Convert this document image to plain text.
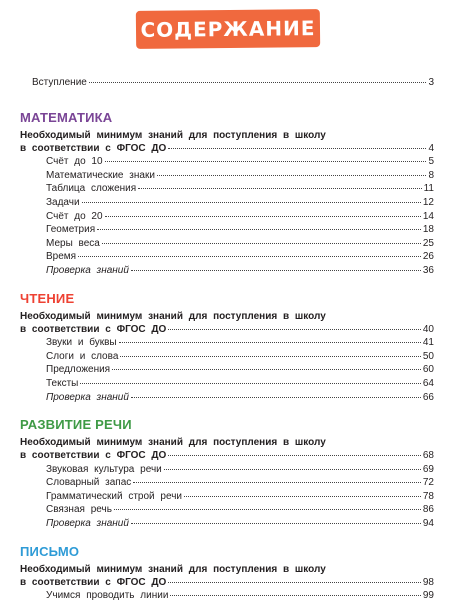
СОДЕРЖАНИЕ
Вступление	3
МАТЕМАТИКА
Необходимый минимум знаний для поступления в школу
в соответствии с ФГОС ДО	4
Счёт до 10	5
Математические знаки	8
Таблица сложения	11
Задачи	12
Счёт до 20	14
Геометрия	18
Меры веса	25
Время	26
Проверка знаний	36
ЧТЕНИЕ
Необходимый минимум знаний для поступления в школу
в соответствии с ФГОС ДО	40
Звуки и буквы	41
Слоги и слова	50
Предложения	60
Тексты	64
Проверка знаний	66
РАЗВИТИЕ РЕЧИ
Необходимый минимум знаний для поступления в школу
в соответствии с ФГОС ДО	68
Звуковая культура речи	69
Словарный запас	72
Грамматический строй речи	78
Связная речь	86
Проверка знаний	94
ПИСЬМО
Необходимый минимум знаний для поступления в школу
в соответствии с ФГОС ДО	98
Учимся проводить линии	99
